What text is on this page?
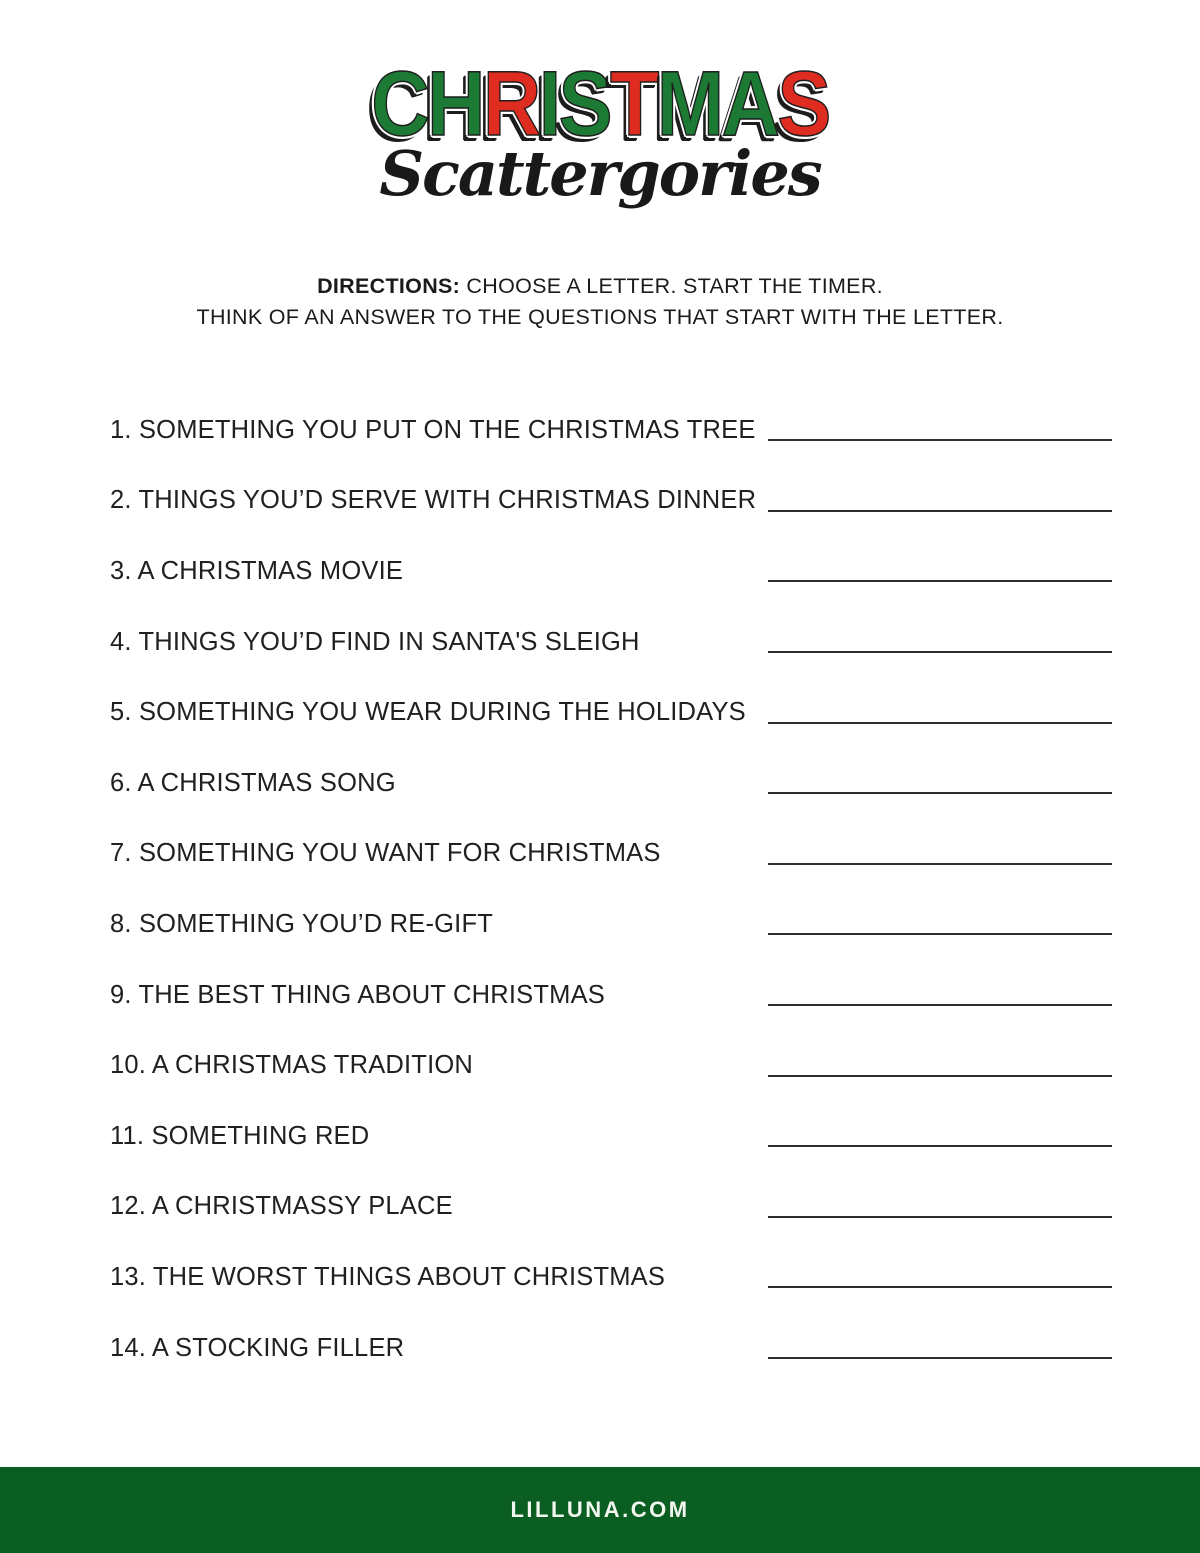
CHRISTMAS
Scattergories
DIRECTIONS: CHOOSE A LETTER. START THE TIMER.
THINK OF AN ANSWER TO THE QUESTIONS THAT START WITH THE LETTER.
1. SOMETHING YOU PUT ON THE CHRISTMAS TREE
2. THINGS YOU’D SERVE WITH CHRISTMAS DINNER
3. A CHRISTMAS MOVIE
4. THINGS YOU’D FIND IN SANTA'S SLEIGH
5. SOMETHING YOU WEAR DURING THE HOLIDAYS
6. A CHRISTMAS SONG
7. SOMETHING YOU WANT FOR CHRISTMAS
8. SOMETHING YOU’D RE-GIFT
9. THE BEST THING ABOUT CHRISTMAS
10. A CHRISTMAS TRADITION
11. SOMETHING RED
12. A CHRISTMASSY PLACE
13. THE WORST THINGS ABOUT CHRISTMAS
14. A STOCKING FILLER
LILLUNA.COM
